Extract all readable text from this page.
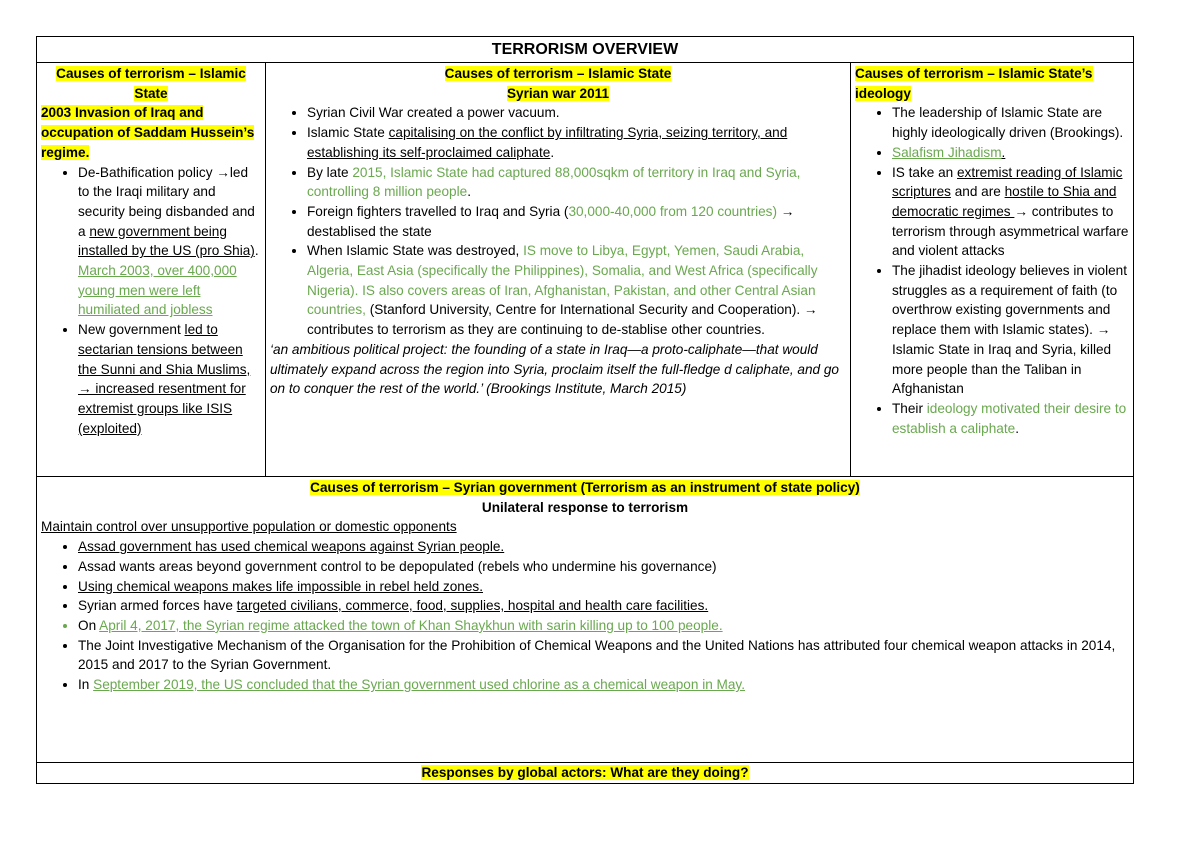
TERRORISM OVERVIEW
Causes of terrorism – Islamic State
2003 Invasion of Iraq and occupation of Saddam Hussein’s regime.
• De-Bathification policy →led to the Iraqi military and security being disbanded and a new government being installed by the US (pro Shia). March 2003, over 400,000 young men were left humiliated and jobless
• New government led to sectarian tensions between the Sunni and Shia Muslims, → increased resentment for extremist groups like ISIS (exploited)
Causes of terrorism – Islamic State
Syrian war 2011
• Syrian Civil War created a power vacuum.
• Islamic State capitalising on the conflict by infiltrating Syria, seizing territory, and establishing its self-proclaimed caliphate.
• By late 2015, Islamic State had captured 88,000sqkm of territory in Iraq and Syria, controlling 8 million people.
• Foreign fighters travelled to Iraq and Syria (30,000-40,000 from 120 countries) → destablised the state
• When Islamic State was destroyed, IS move to Libya, Egypt, Yemen, Saudi Arabia, Algeria, East Asia (specifically the Philippines), Somalia, and West Africa (specifically Nigeria). IS also covers areas of Iran, Afghanistan, Pakistan, and other Central Asian countries, (Stanford University, Centre for International Security and Cooperation). → contributes to terrorism as they are continuing to de-stablise other countries.
‘an ambitious political project: the founding of a state in Iraq—a proto-caliphate—that would ultimately expand across the region into Syria, proclaim itself the full-fledge d caliphate, and go on to conquer the rest of the world.’ (Brookings Institute, March 2015)
Causes of terrorism – Islamic State’s ideology
• The leadership of Islamic State are highly ideologically driven (Brookings).
• Salafism Jihadism.
• IS take an extremist reading of Islamic scriptures and are hostile to Shia and democratic regimes → contributes to terrorism through asymmetrical warfare and violent attacks
• The jihadist ideology believes in violent struggles as a requirement of faith (to overthrow existing governments and replace them with Islamic states). → Islamic State in Iraq and Syria, killed more people than the Taliban in Afghanistan
• Their ideology motivated their desire to establish a caliphate.
Causes of terrorism – Syrian government (Terrorism as an instrument of state policy)
Unilateral response to terrorism
Maintain control over unsupportive population or domestic opponents
• Assad government has used chemical weapons against Syrian people.
• Assad wants areas beyond government control to be depopulated (rebels who undermine his governance)
• Using chemical weapons makes life impossible in rebel held zones.
• Syrian armed forces have targeted civilians, commerce, food, supplies, hospital and health care facilities.
• On April 4, 2017, the Syrian regime attacked the town of Khan Shaykhun with sarin killing up to 100 people.
• The Joint Investigative Mechanism of the Organisation for the Prohibition of Chemical Weapons and the United Nations has attributed four chemical weapon attacks in 2014, 2015 and 2017 to the Syrian Government.
• In September 2019, the US concluded that the Syrian government used chlorine as a chemical weapon in May.
Responses by global actors: What are they doing?
